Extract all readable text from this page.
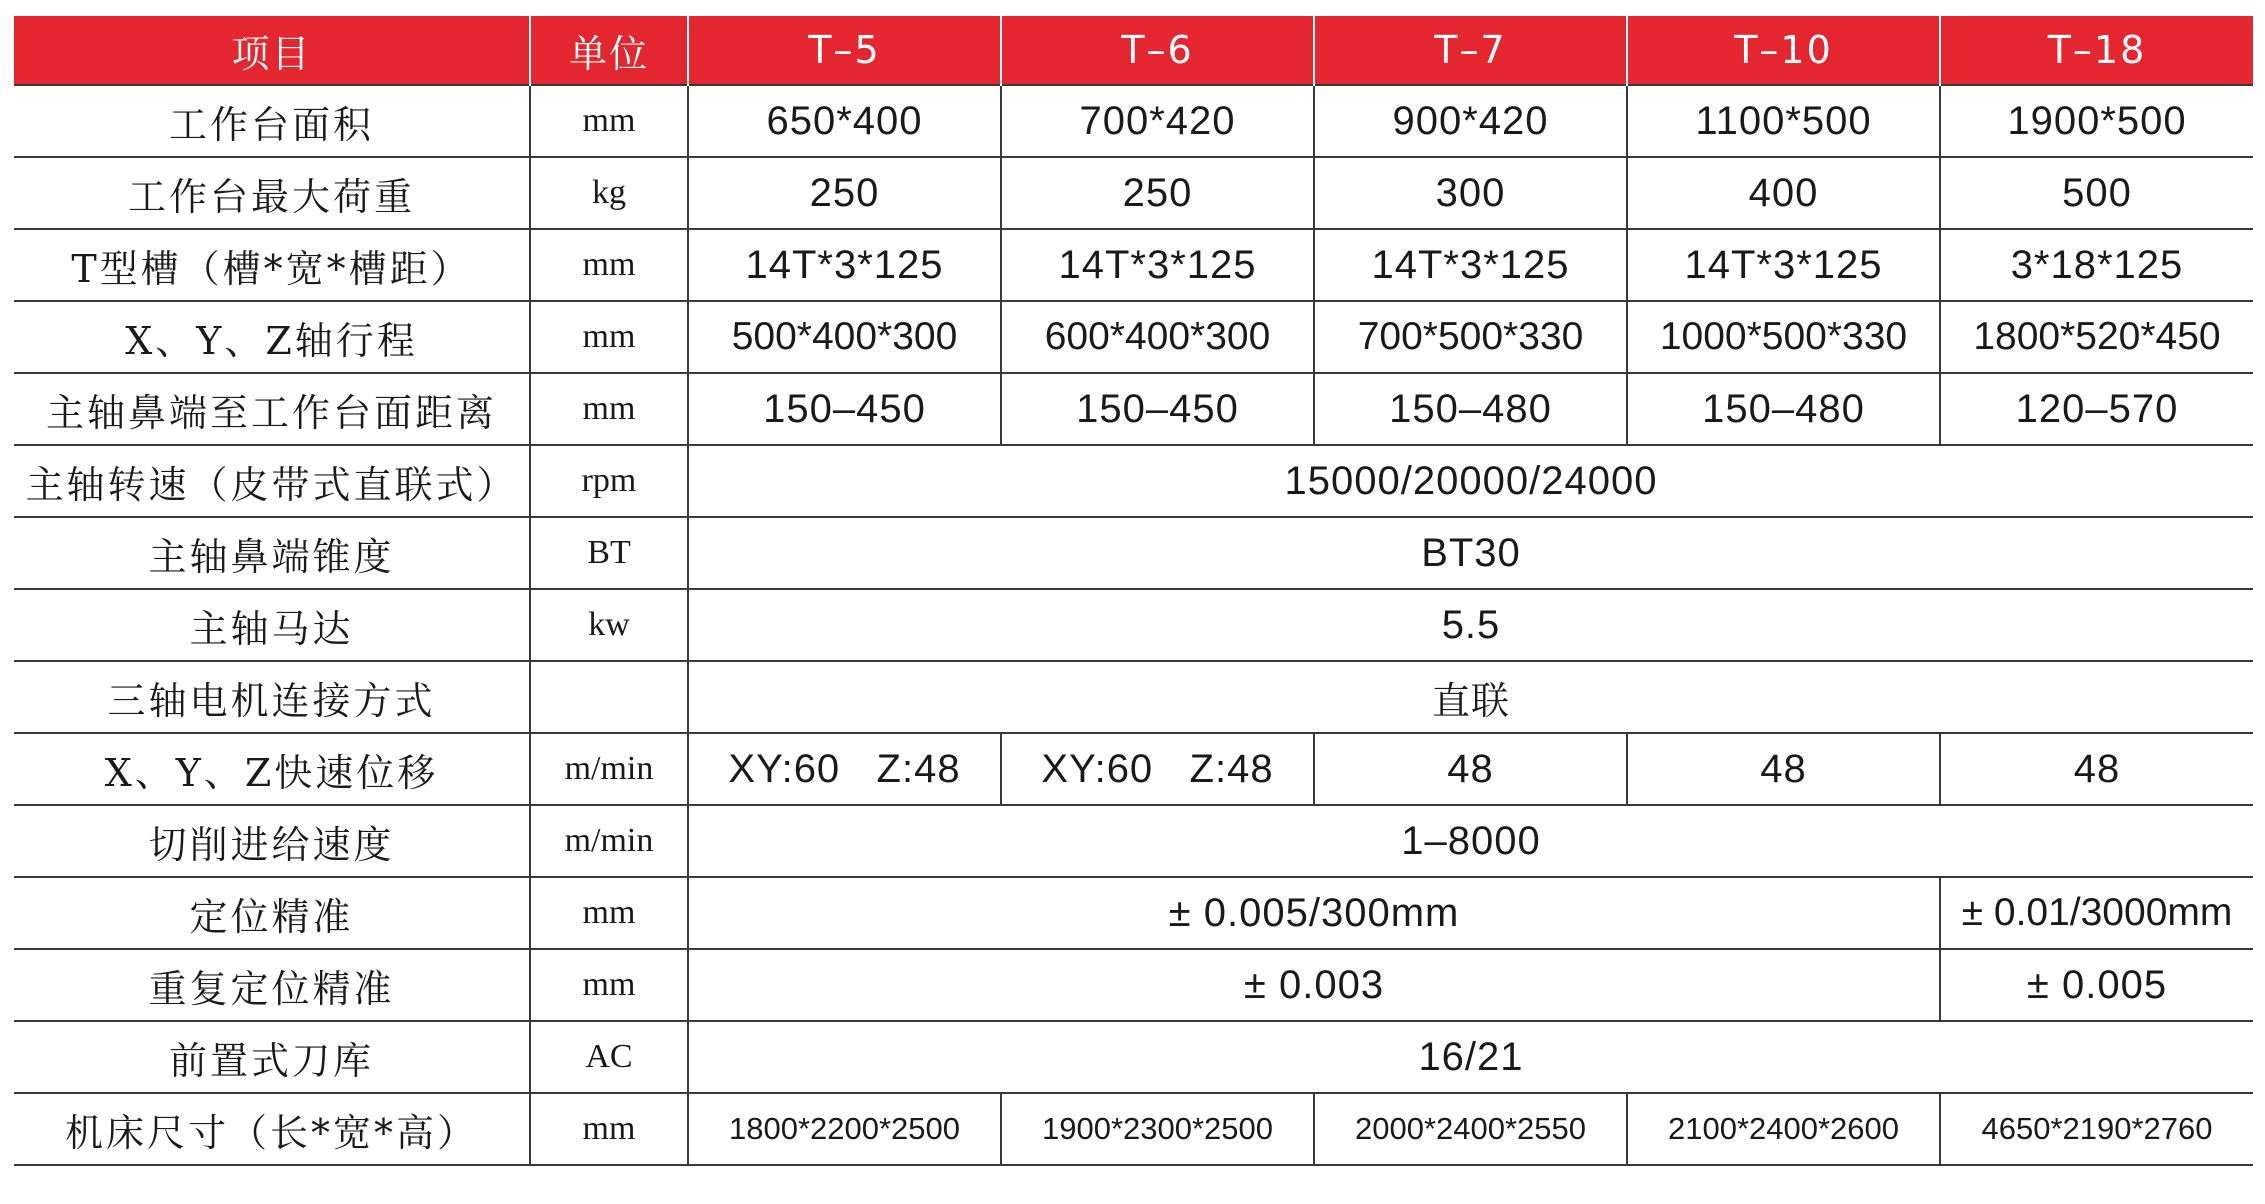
项目	单位	T–5	T–6	T–7	T–10	T–18
工作台面积	mm	650*400	700*420	900*420	1100*500	1900*500
工作台最大荷重	kg	250	250	300	400	500
T型槽（槽*宽*槽距）	mm	14T*3*125	14T*3*125	14T*3*125	14T*3*125	3*18*125
X、Y、Z轴行程	mm	500*400*300	600*400*300	700*500*330	1000*500*330	1800*520*450
主轴鼻端至工作台面距离	mm	150–450	150–450	150–480	150–480	120–570
主轴转速（皮带式直联式）	rpm	15000/20000/24000				
主轴鼻端锥度	BT	BT30				
主轴马达	kw	5.5				
三轴电机连接方式		直联				
X、Y、Z快速位移	m/min	XY:60   Z:48	XY:60   Z:48	48	48	48
切削进给速度	m/min	1–8000				
定位精准	mm	± 0.005/300mm				± 0.01/3000mm
重复定位精准	mm	± 0.003				± 0.005
前置式刀库	AC	16/21				
机床尺寸（长*宽*高）	mm	1800*2200*2500	1900*2300*2500	2000*2400*2550	2100*2400*2600	4650*2190*2760
